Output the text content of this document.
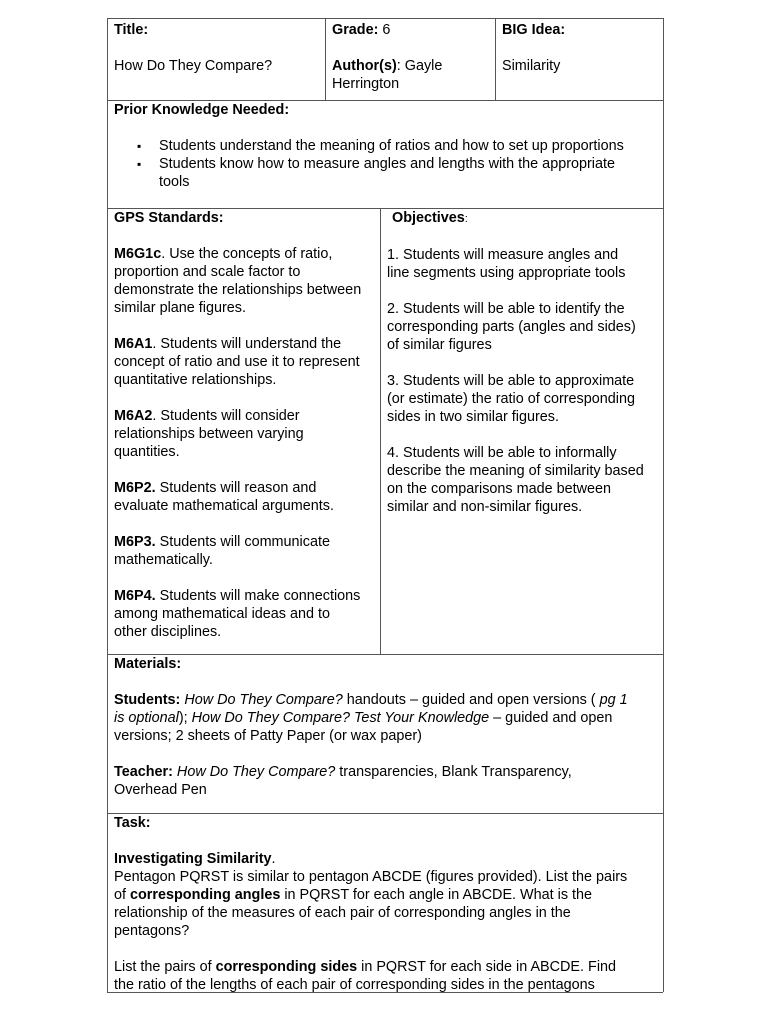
Title:

How Do They Compare?

Grade: 6

Author(s): Gayle

Herrington

BIG Idea:

Similarity

Prior Knowledge Needed:

▪ Students understand the meaning of ratios and how to set up proportions
▪ Students know how to measure angles and lengths with the appropriate

tools

GPS Standards:

M6G1c. Use the concepts of ratio,

proportion and scale factor to

demonstrate the relationships between

similar plane figures.

M6A1. Students will understand the

concept of ratio and use it to represent

quantitative relationships.

M6A2. Students will consider

relationships between varying

quantities.

M6P2. Students will reason and

evaluate mathematical arguments.

M6P3. Students will communicate

mathematically.

M6P4. Students will make connections

among mathematical ideas and to

other disciplines.

Objectives:

1. Students will measure angles and

line segments using appropriate tools

2. Students will be able to identify the

corresponding parts (angles and sides)

of similar figures

3. Students will be able to approximate

(or estimate) the ratio of corresponding

sides in two similar figures.

4. Students will be able to informally

describe the meaning of similarity based

on the comparisons made between

similar and non-similar figures.

Materials:

Students: How Do They Compare? handouts – guided and open versions ( pg 1

is optional); How Do They Compare? Test Your Knowledge – guided and open

versions; 2 sheets of Patty Paper (or wax paper)

Teacher: How Do They Compare? transparencies, Blank Transparency,

Overhead Pen

Task:

Investigating Similarity.

Pentagon PQRST is similar to pentagon ABCDE (figures provided). List the pairs

of corresponding angles in PQRST for each angle in ABCDE. What is the

relationship of the measures of each pair of corresponding angles in the

pentagons?

List the pairs of corresponding sides in PQRST for each side in ABCDE. Find

the ratio of the lengths of each pair of corresponding sides in the pentagons
